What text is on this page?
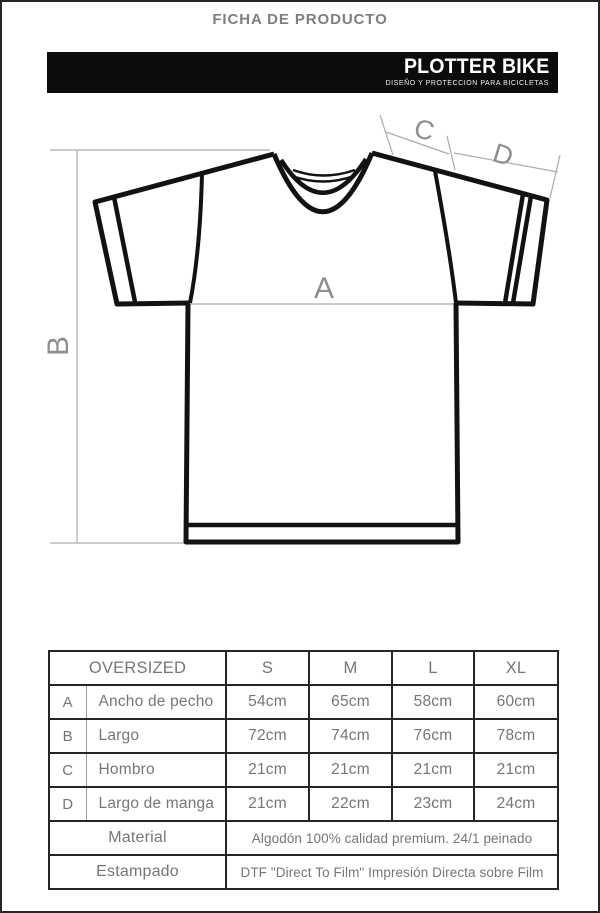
FICHA DE PRODUCTO
PLOTTER BIKE
DISEÑO Y PROTECCION PARA BICICLETAS
A
B
C
D
OVERSIZED		S	M	L	XL
A	Ancho de pecho	54cm	65cm	58cm	60cm
B	Largo	72cm	74cm	76cm	78cm
C	Hombro	21cm	21cm	21cm	21cm
D	Largo de manga	21cm	22cm	23cm	24cm
Material		Algodón 100% calidad premium. 24/1 peinado			
Estampado		DTF "Direct To Film" Impresión Directa sobre Film			
